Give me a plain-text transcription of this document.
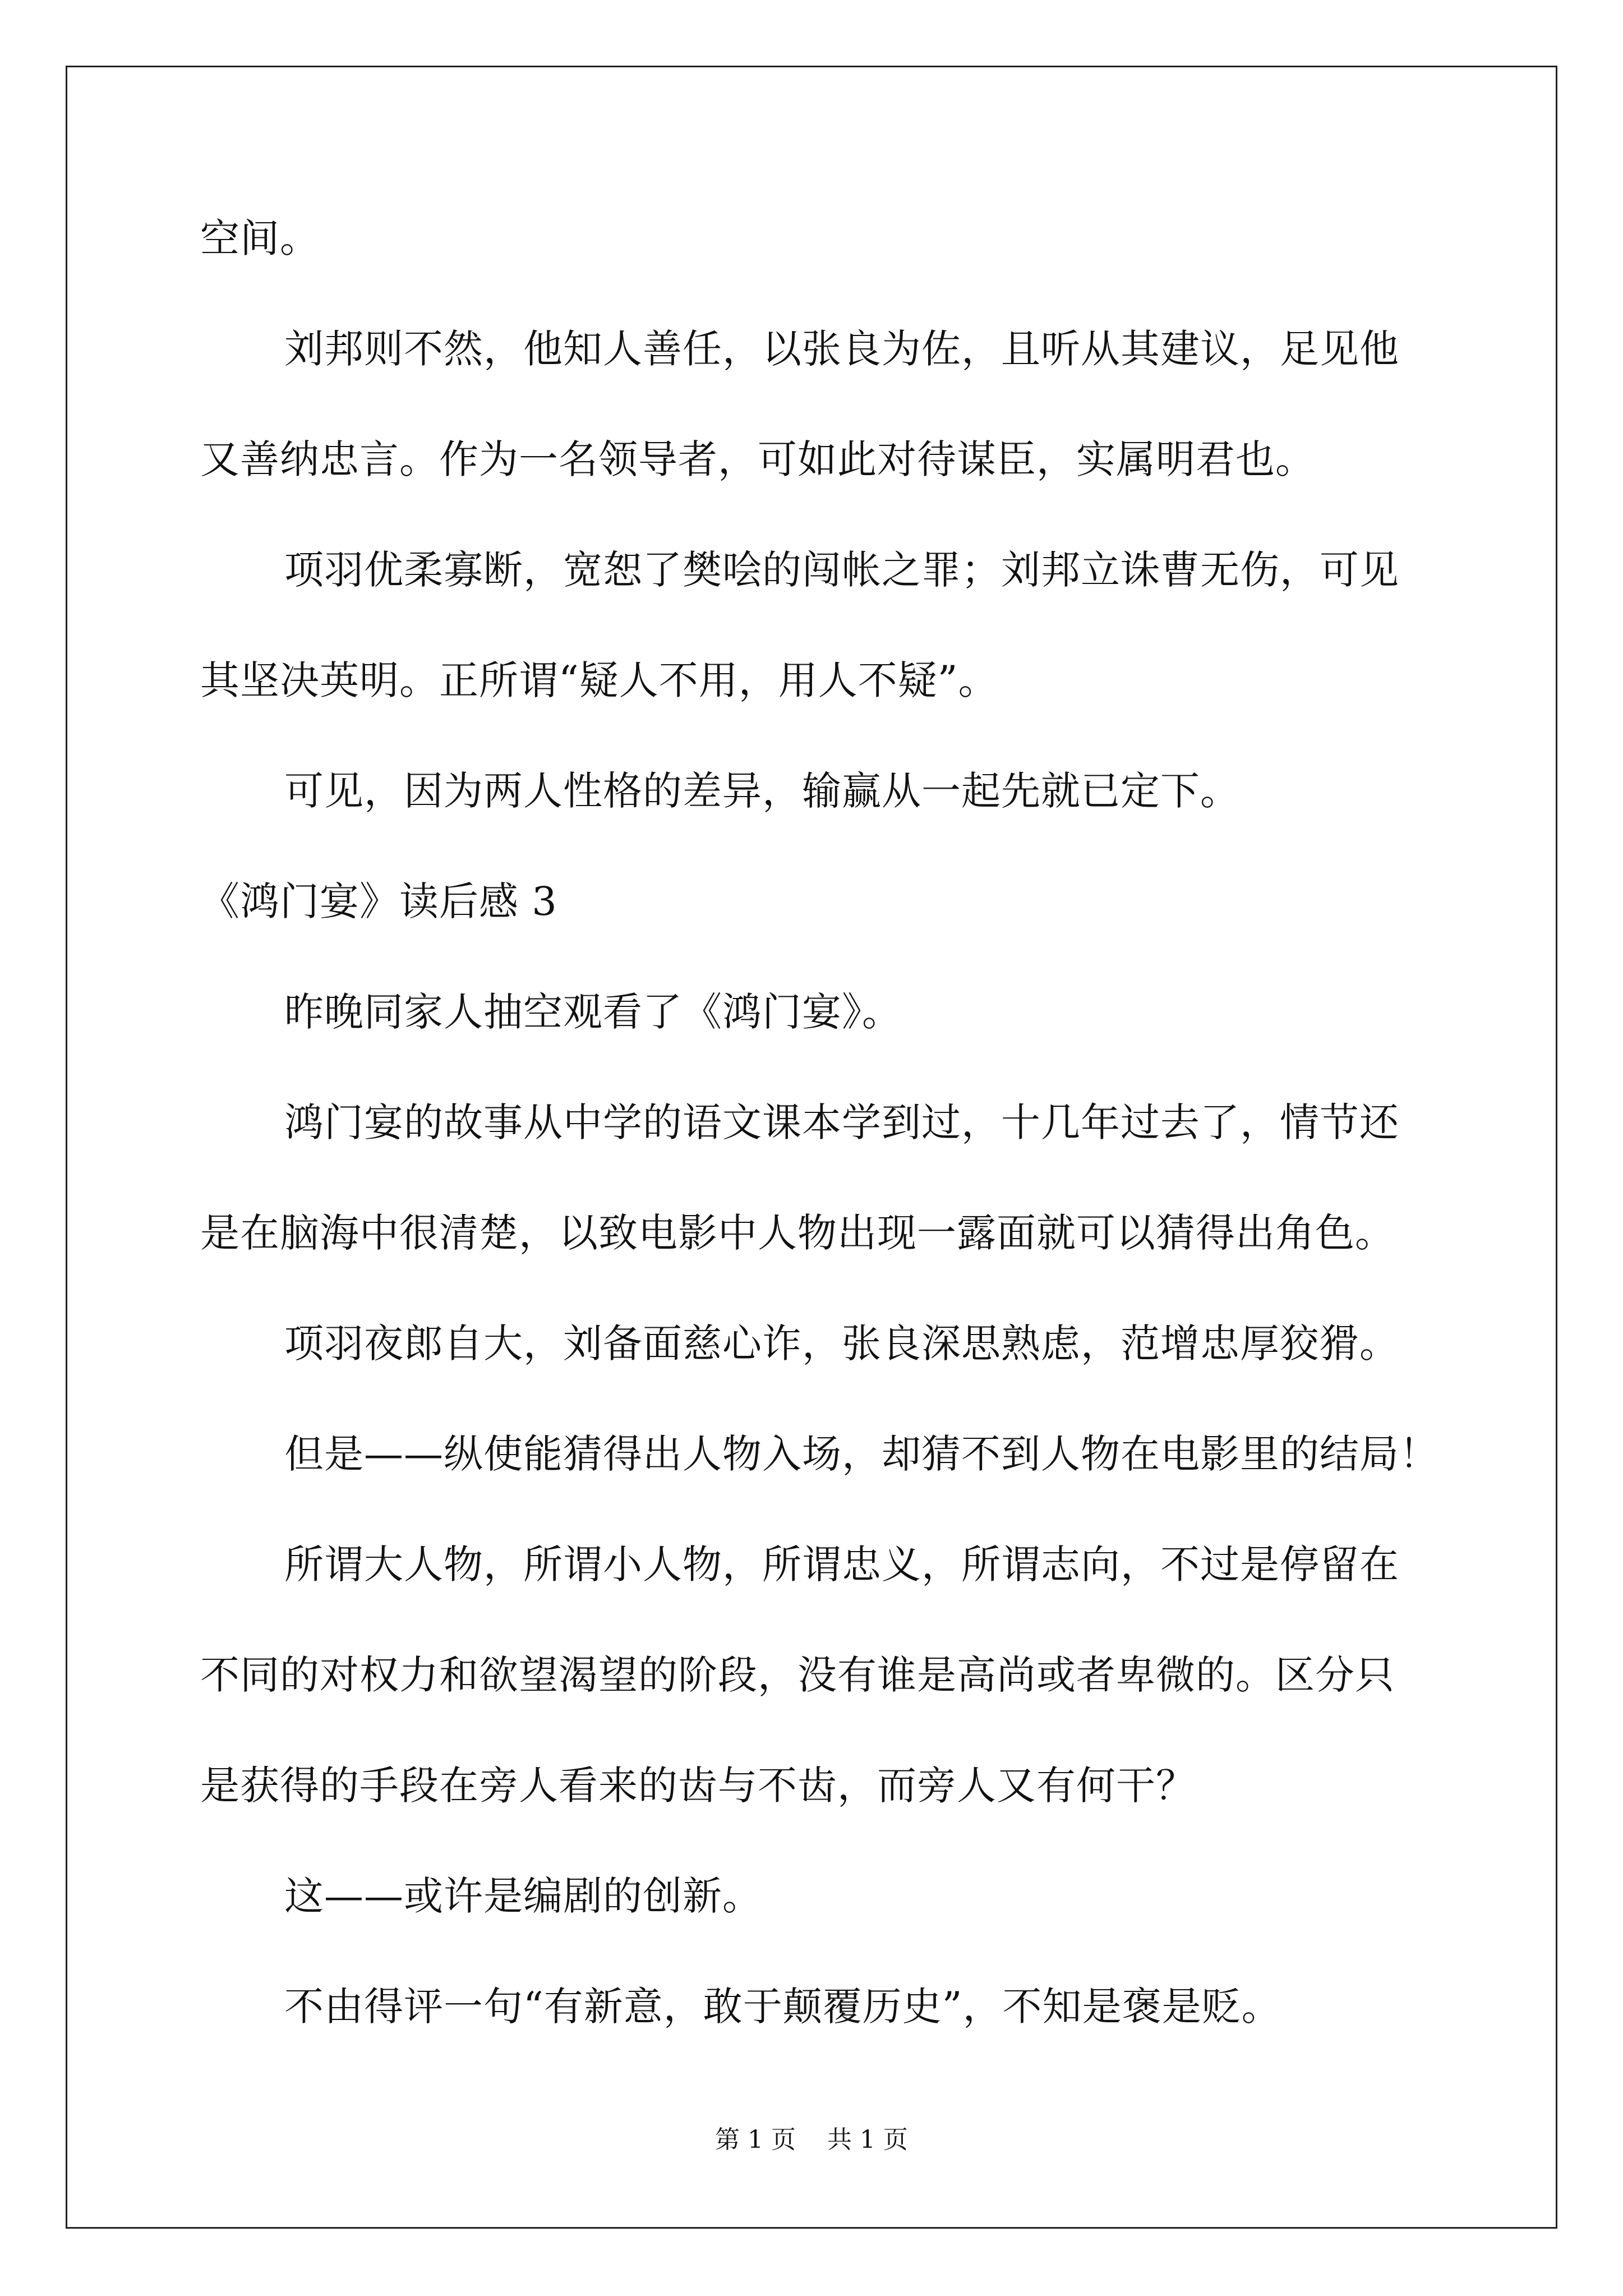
空间。
刘邦则不然，他知人善任，以张良为佐，且听从其建议，足见他
又善纳忠言。作为一名领导者，可如此对待谋臣，实属明君也。
项羽优柔寡断，宽恕了樊哙的闯帐之罪；刘邦立诛曹无伤，可见
其坚决英明。正所谓“疑人不用，用人不疑”。
可见，因为两人性格的差异，输赢从一起先就已定下。
《鸿门宴》读后感 3
昨晚同家人抽空观看了《鸿门宴》。
鸿门宴的故事从中学的语文课本学到过，十几年过去了，情节还
是在脑海中很清楚，以致电影中人物出现一露面就可以猜得出角色。
项羽夜郎自大，刘备面慈心诈，张良深思熟虑，范增忠厚狡猾。
但是——纵使能猜得出人物入场，却猜不到人物在电影里的结局！
所谓大人物，所谓小人物，所谓忠义，所谓志向，不过是停留在
不同的对权力和欲望渴望的阶段，没有谁是高尚或者卑微的。区分只
是获得的手段在旁人看来的齿与不齿，而旁人又有何干？
这——或许是编剧的创新。
不由得评一句“有新意，敢于颠覆历史”，不知是褒是贬。
第 1 页    共 1 页
